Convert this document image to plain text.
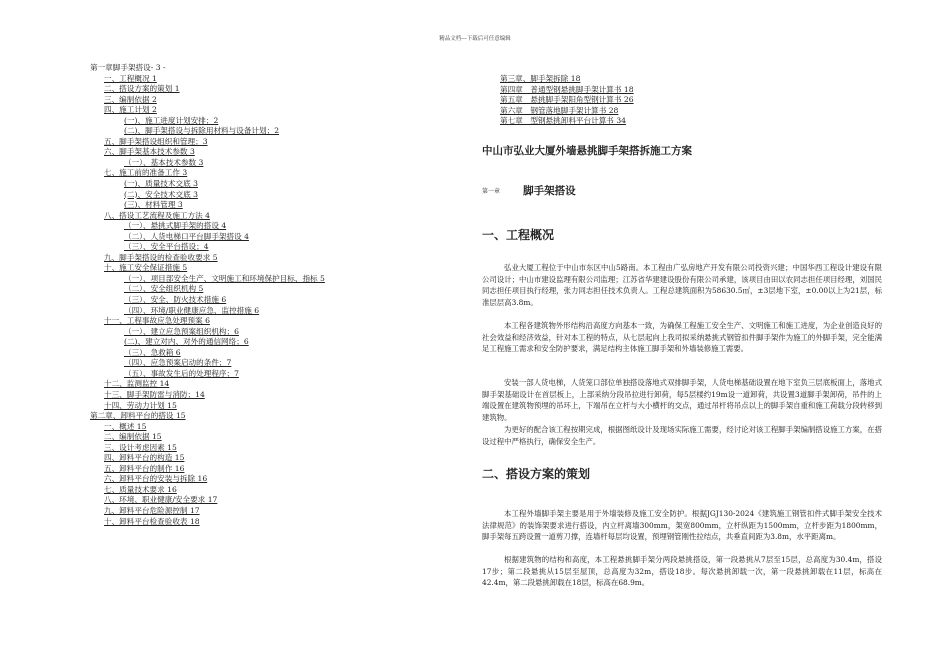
精品文档---下载后可任意编辑
第一章脚手架搭设- 3 -
一、工程概况 1
二、搭设方案的策划 1
三、编制依据 2
四、施工计划 2
(一)、施工进度计划安排；2
(二)、脚手架搭设与拆除用材料与设备计划；2
五、脚手架搭设组织和管理；3
六、脚手架基本技术参数 3
（一）、基本技术参数 3
七、施工前的准备工作 3
(一)、质量技术交底 3
(二)、安全技术交底 3
(三)、材料管理 3
八、搭设工艺流程及施工方法 4
（一）、悬挑式脚手架的搭设 4
（二）、人货电梯口平台脚手架搭设 4
（三）、安全平台搭设；4
九、脚手架搭设的检查验收要求 5
十、施工安全保证措施 5
（一）、项目部安全生产、文明施工和环境保护目标、指标 5
（二）、安全组织机构 5
（三）、安全、防火技术措施 6
（四）、环境/职业健康应急、监控措施 6
十一、工程事故应急处理预案 6
（一）、建立应急预案组织机构；6
(二)、建立对内、对外的通信网络；6
（三）、急救箱 6
（四）、应急预案启动的条件；7
（五）、事故发生后的处理程序；7
十二、监测监控 14
十三、脚手架防雷与消防；14
十四、劳动力计划 15
第二章、卸料平台的搭设 15
一、概述 15
二、编制依据 15
三、设计考虑因素 15
四、卸料平台的构造 15
五、卸料平台的制作 16
六、卸料平台的安装与拆除 16
七、质量技术要求 16
八、环境、职业健康/安全要求 17
九、卸料平台危险源控制 17
十、卸料平台检查验收表 18
第三章、脚手架拆除 18
第四章　普通型钢悬挑脚手架计算书 18
第五章　悬挑脚手架阳角型钢计算书 26
第六章　钢管落地脚手架计算书 28
第七章　型钢悬挑卸料平台计算书 34
中山市弘业大厦外墙悬挑脚手架搭拆施工方案
第一章 脚手架搭设
一、工程概况
弘业大厦工程位于中山市东区中山5路南。本工程由广弘房地产开发有限公司投资兴建；中国华西工程设计建设有限公司设计；中山市建设监理有限公司监理；江苏省华建建设股份有限公司承建，该项目由田以农同志担任项目经理，刘国民同志担任项目执行经理，张力同志担任技术负责人。工程总建筑面积为58630.5㎡，±3层地下室，±0.00以上为21层，标准层层高3.8m。
本工程各建筑物外形结构沿高度方向基本一致，为确保工程施工安全生产、文明施工和施工进度，为企业创造良好的社会效益和经济效益，针对本工程的特点，从七层起向上我司拟采纳悬挑式钢管扣件脚手架作为施工的外脚手架，完全能满足工程施工需求和安全防护要求，满足结构主体施工脚手架和外墙装修施工需要。
安装一部人货电梯，人货笼口部位单独搭设落地式双排脚手架，人货电梯基础设置在地下室负三层底板面上，落地式脚手架基础设计在首层板上，上部采纳分段吊拉进行卸荷，每5层楼约19m设一道卸荷，共设置3道脚手架卸荷，吊件的上端设置在建筑物预埋的吊环上，下端吊在立杆与大小横杆的交点，通过吊杆将吊点以上的脚手架自重和施工荷载分段转移到建筑物。
为更好的配合该工程按期完成，根据图纸设计及现场实际施工需要，经讨论对该工程脚手架编制搭设施工方案，在搭设过程中严格执行，确保安全生产。
二、搭设方案的策划
本工程外墙脚手架主要是用于外墙装修及施工安全防护。根据JGJ130-2024《建筑施工钢管扣件式脚手架安全技术法律规范》的装饰架要求进行搭设，内立杆离墙300mm，架宽800mm，立杆纵距为1500mm，立杆步距为1800mm，脚手架每五跨设置一道剪刀撑，连墙杆每层均设置，预埋钢管刚性拉结点，共垂直间距为3.8m，水平距离m。
根据建筑物的结构和高度，本工程悬挑脚手架分两段悬挑搭设，第一段悬挑从7层至15层，总高度为30.4m，搭设17步；第二段悬挑从15层至屋顶，总高度为32m，搭设18步。每次悬挑卸载一次，第一段悬挑卸载在11层，标高在42.4m，第二段悬挑卸载在18层，标高在68.9m。
